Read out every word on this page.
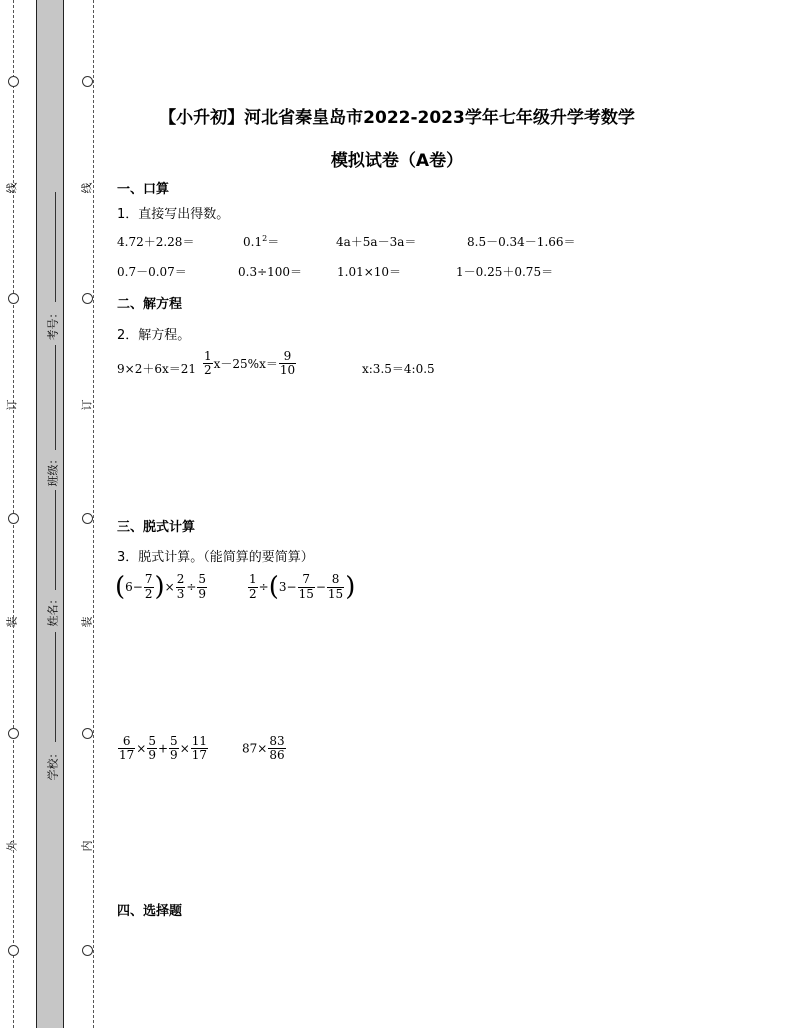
线
订
装
外
线
订
装
内
考号：
班级：
姓名：
学校：
【小升初】河北省秦皇岛市2022-2023学年七年级升学考数学
模拟试卷（A卷）
一、口算
1．直接写出得数。
4.72＋2.28＝	$0.1^2=$	4a＋5a－3a＝	8.5－0.34－1.66＝
0.7－0.07＝	0.3÷100＝	1.01×10＝	1－0.25＋0.75＝
二、解方程
2．解方程。
$9\times 2+6x=21 \frac{1}{2} x-25\%x= \frac{9}{10}$	x:3.5＝4:0.5
三、脱式计算
3．脱式计算。（能简算的要简算）
($6- \frac{7}{2}$ )× $\frac{2}{3} \div \frac{5}{9}$	$\frac{1}{2} \div(3- \frac{7}{15} - \frac{8}{15}$ )
$\frac{6}{17} \times \frac{5}{9} + \frac{5}{9} \times \frac{11}{17}$	$87\times \frac{83}{86}$
四、选择题
